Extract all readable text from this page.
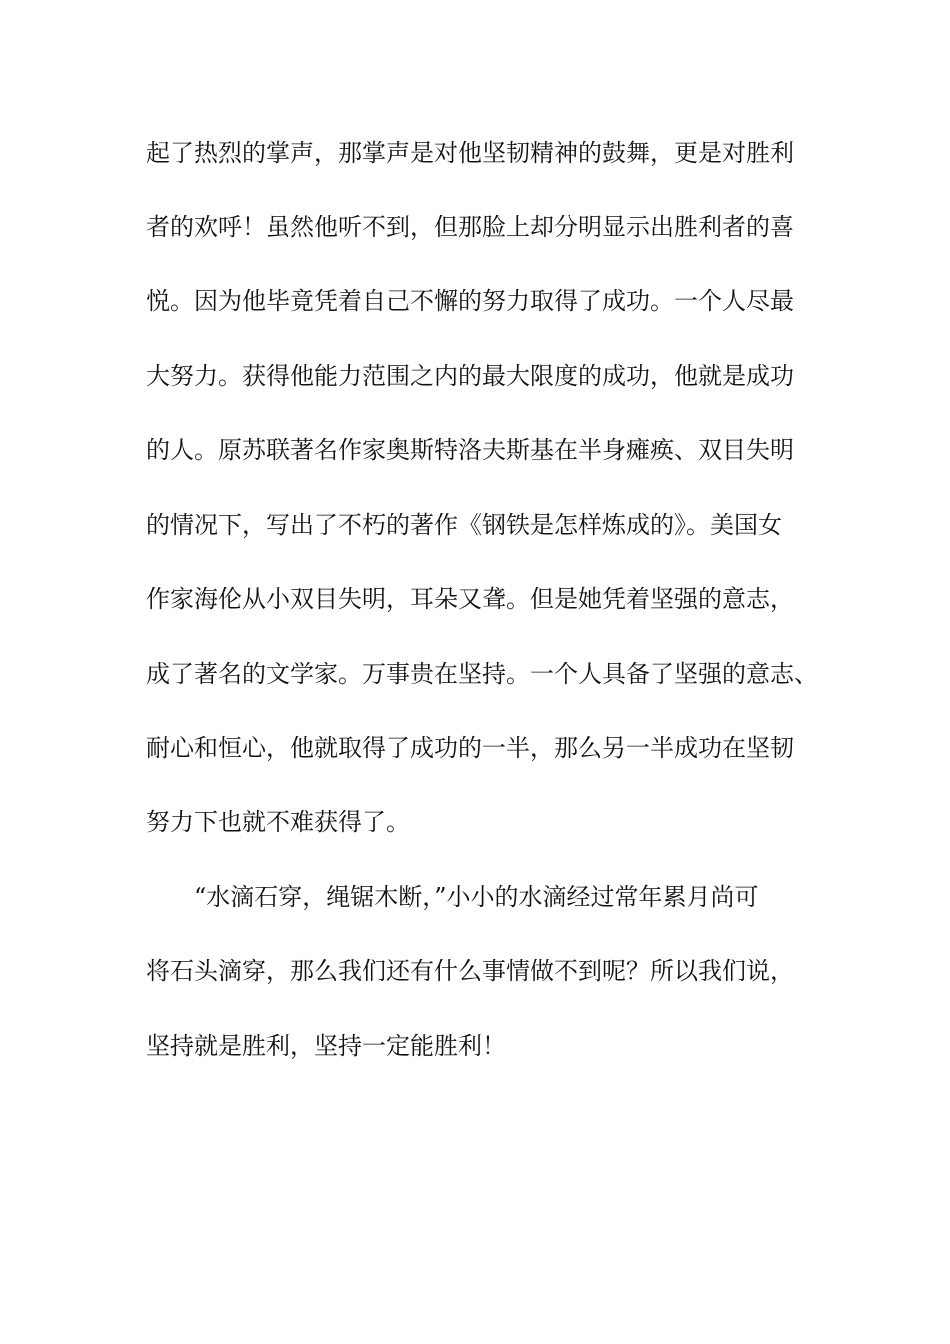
起了热烈的掌声，那掌声是对他坚韧精神的鼓舞，更是对胜利
者的欢呼！虽然他听不到，但那脸上却分明显示出胜利者的喜
悦。因为他毕竟凭着自己不懈的努力取得了成功。一个人尽最
大努力。获得他能力范围之内的最大限度的成功，他就是成功
的人。原苏联著名作家奥斯特洛夫斯基在半身瘫痪、双目失明
的情况下，写出了不朽的著作《钢铁是怎样炼成的》。美国女
作家海伦从小双目失明，耳朵又聋。但是她凭着坚强的意志，
成了著名的文学家。万事贵在坚持。一个人具备了坚强的意志、
耐心和恒心，他就取得了成功的一半，那么另一半成功在坚韧
努力下也就不难获得了。
“水滴石穿，绳锯木断，”小小的水滴经过常年累月尚可
将石头滴穿，那么我们还有什么事情做不到呢？所以我们说，
坚持就是胜利，坚持一定能胜利！
